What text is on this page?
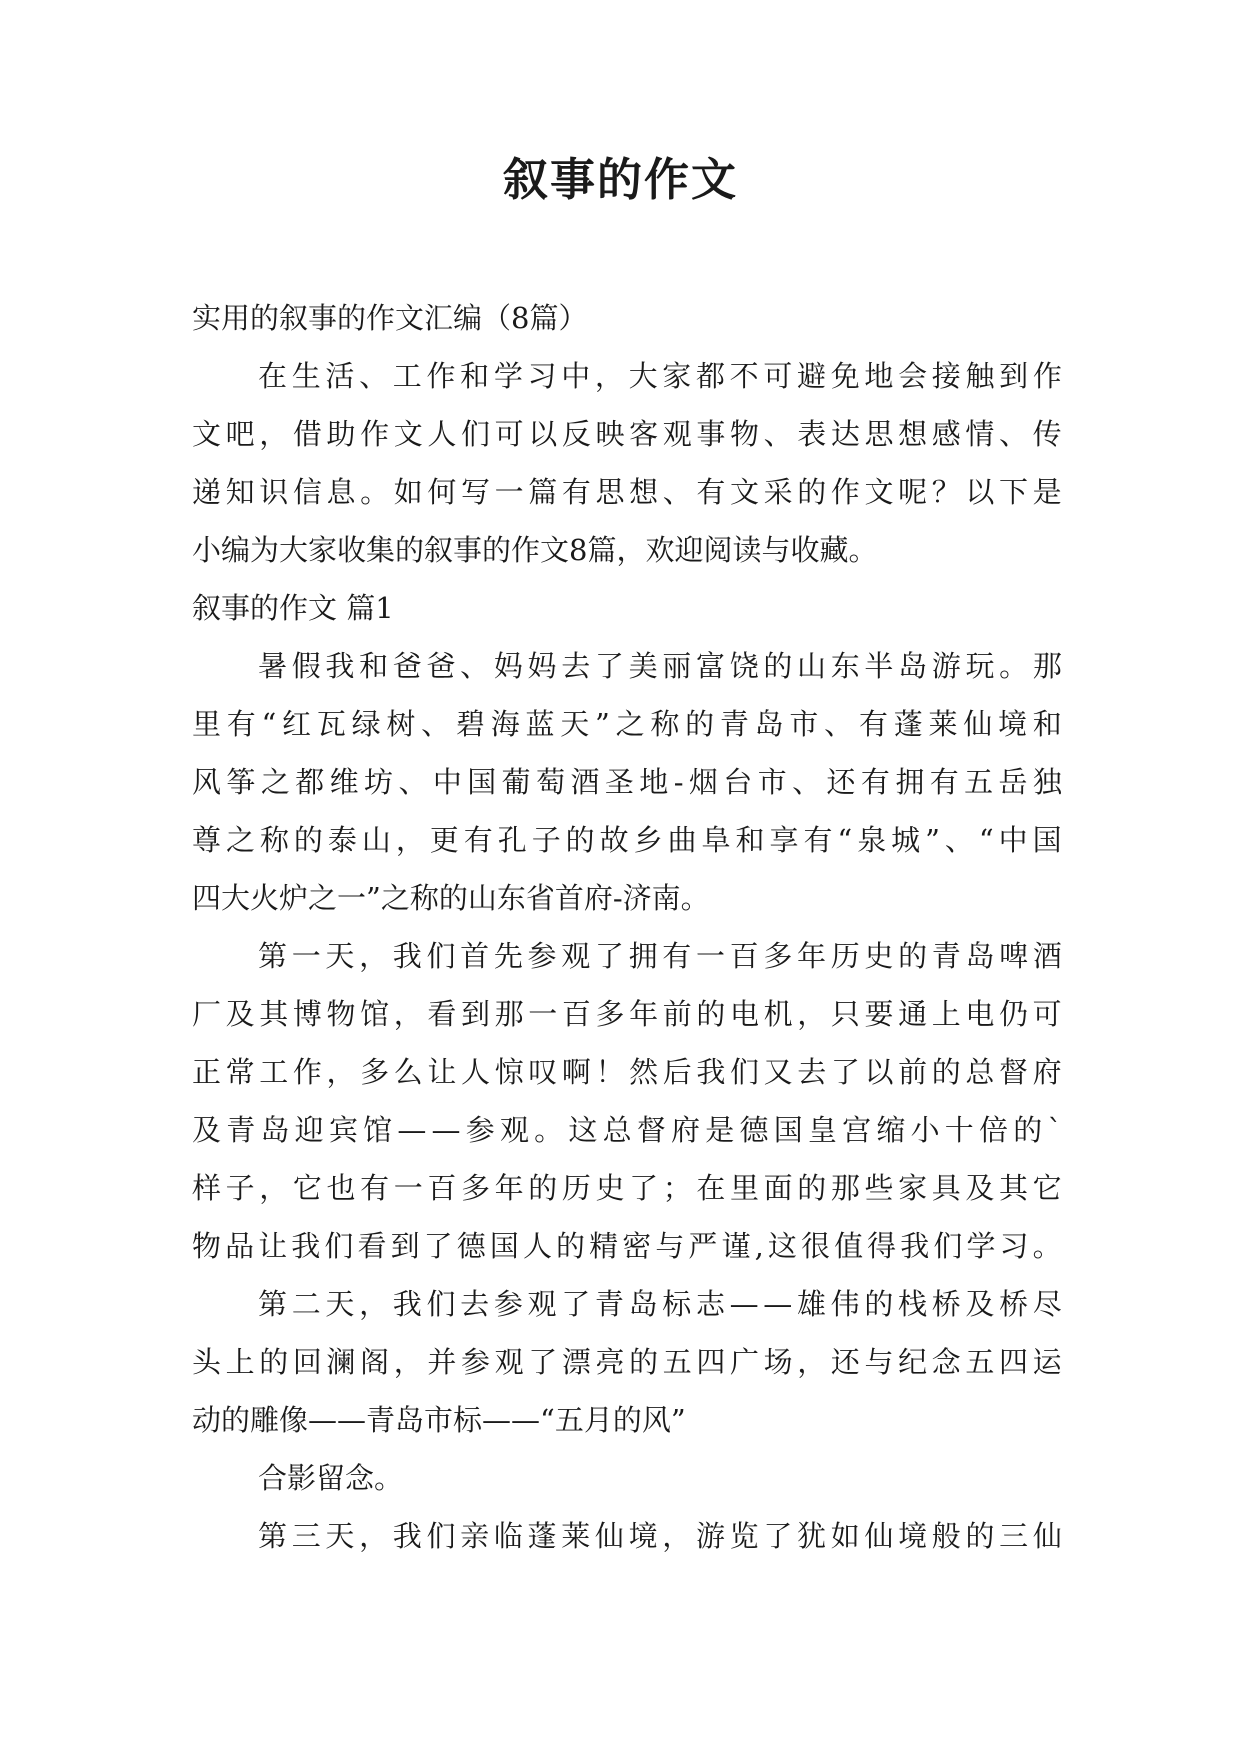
叙事的作文

实用的叙事的作文汇编（8篇）

在 生 活 、 工 作 和 学 习 中 ， 大 家 都 不 可 避 免 地 会 接 触 到 作

文 吧 ， 借 助 作 文 人 们 可 以 反 映 客 观 事 物 、 表 达 思 想 感 情 、 传

递 知 识 信 息 。 如 何 写 一 篇 有 思 想 、 有 文 采 的 作 文 呢 ？ 以 下 是

小编为大家收集的叙事的作文8篇，欢迎阅读与收藏。

叙事的作文 篇1

暑 假 我 和 爸 爸 、 妈 妈 去 了 美 丽 富 饶 的 山 东 半 岛 游 玩 。 那

里 有 “ 红 瓦 绿 树 、 碧 海 蓝 天 ” 之 称 的 青 岛 市 、 有 蓬 莱 仙 境 和

风 筝 之 都 维 坊 、 中 国 葡 萄 酒 圣 地 - 烟 台 市 、 还 有 拥 有 五 岳 独

尊 之 称 的 泰 山 ， 更 有 孔 子 的 故 乡 曲 阜 和 享 有 “ 泉 城 ” 、 “ 中 国

四大火炉之一”之称的山东省首府-济南。

第 一 天 ， 我 们 首 先 参 观 了 拥 有 一 百 多 年 历 史 的 青 岛 啤 酒

厂 及 其 博 物 馆 ， 看 到 那 一 百 多 年 前 的 电 机 ， 只 要 通 上 电 仍 可

正 常 工 作 ， 多 么 让 人 惊 叹 啊 ！ 然 后 我 们 又 去 了 以 前 的 总 督 府

及 青 岛 迎 宾 馆 — — 参 观 。 这 总 督 府 是 德 国 皇 宫 缩 小 十 倍 的 `

样 子 ， 它 也 有 一 百 多 年 的 历 史 了 ； 在 里 面 的 那 些 家 具 及 其 它

物 品 让 我 们 看 到 了 德 国 人 的 精 密 与 严 谨 , 这 很 值 得 我 们 学 习 。

第 二 天 ， 我 们 去 参 观 了 青 岛 标 志 — — 雄 伟 的 栈 桥 及 桥 尽

头 上 的 回 澜 阁 ， 并 参 观 了 漂 亮 的 五 四 广 场 ， 还 与 纪 念 五 四 运

动的雕像——青岛市标——“五月的风”

合影留念。

第 三 天 ， 我 们 亲 临 蓬 莱 仙 境 ， 游 览 了 犹 如 仙 境 般 的 三 仙
